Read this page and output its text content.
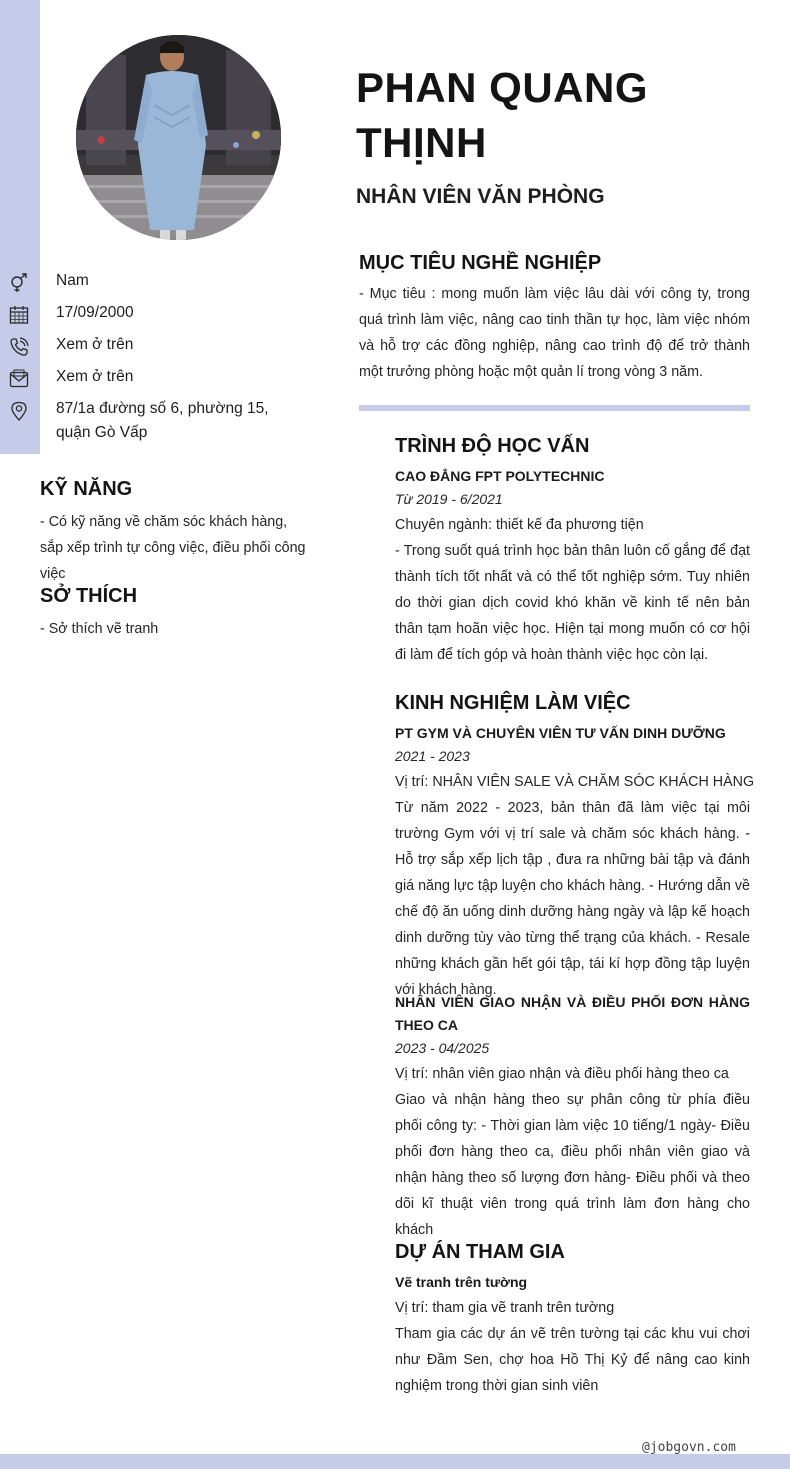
Nam
17/09/2000
Xem ở trên
Xem ở trên
87/1a đường số 6, phường 15, quận Gò Vấp
KỸ NĂNG
- Có kỹ năng về chăm sóc khách hàng, sắp xếp trình tự công việc, điều phối công việc
SỞ THÍCH
- Sở thích vẽ tranh
PHAN QUANG THỊNH
NHÂN VIÊN VĂN PHÒNG
MỤC TIÊU NGHỀ NGHIỆP
- Mục tiêu : mong muốn làm việc lâu dài với công ty, trong quá trình làm việc, nâng cao tinh thần tự học, làm việc nhóm và hỗ trợ các đồng nghiệp, nâng cao trình độ để trở thành một trưởng phòng hoặc một quản lí trong vòng 3 năm.
TRÌNH ĐỘ HỌC VẤN
CAO ĐẲNG FPT POLYTECHNIC
Từ 2019 - 6/2021
Chuyên ngành: thiết kế đa phương tiện
- Trong suốt quá trình học bản thân luôn cố gắng để đạt thành tích tốt nhất và có thể tốt nghiệp sớm. Tuy nhiên do thời gian dịch covid khó khăn về kinh tế nên bản thân tạm hoãn việc học. Hiện tại mong muốn có cơ hội đi làm để tích góp và hoàn thành việc học còn lại.
KINH NGHIỆM LÀM VIỆC
PT GYM VÀ CHUYÊN VIÊN TƯ VẤN DINH DƯỠNG
2021 - 2023
Vị trí: NHÂN VIÊN SALE VÀ CHĂM SÓC KHÁCH HÀNG
Từ năm 2022 - 2023, bản thân đã làm việc tại môi trường Gym với vị trí sale và chăm sóc khách hàng. - Hỗ trợ sắp xếp lịch tập , đưa ra những bài tập và đánh giá năng lực tập luyện cho khách hàng. - Hướng dẫn về chế độ ăn uống dinh dưỡng hàng ngày và lập kế hoạch dinh dưỡng tùy vào từng thể trạng của khách. - Resale những khách gần hết gói tập, tái kí hợp đồng tập luyện với khách hàng.
NHÂN VIÊN GIAO NHẬN VÀ ĐIỀU PHỐI ĐƠN HÀNG THEO CA
2023 - 04/2025
Vị trí: nhân viên giao nhận và điều phối hàng theo ca
Giao và nhận hàng theo sự phân công từ phía điều phối công ty: - Thời gian làm việc 10 tiếng/1 ngày- Điều phối đơn hàng theo ca, điều phối nhân viên giao và nhận hàng theo số lượng đơn hàng- Điều phối và theo dõi kĩ thuật viên trong quá trình làm đơn hàng cho khách
DỰ ÁN THAM GIA
Vẽ tranh trên tường
Vị trí: tham gia vẽ tranh trên tường
Tham gia các dự án vẽ trên tường tại các khu vui chơi như Đầm Sen, chợ hoa Hồ Thị Kỷ để nâng cao kinh nghiệm trong thời gian sinh viên
@jobgovn.com
